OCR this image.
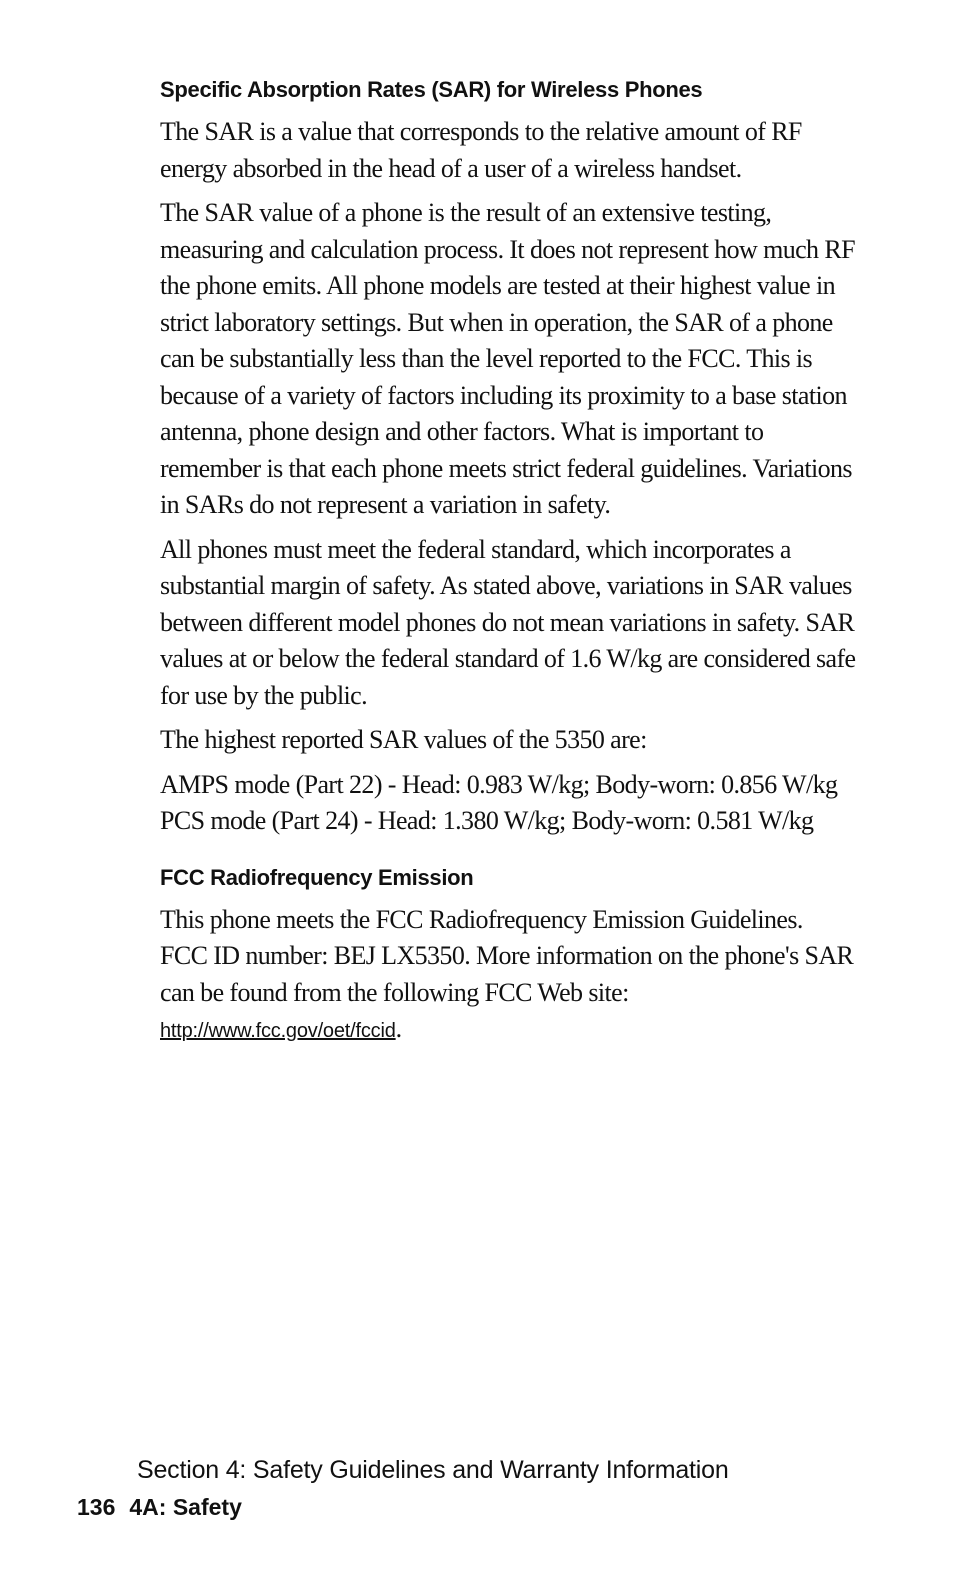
Specific Absorption Rates (SAR) for Wireless Phones

The SAR is a value that corresponds to the relative amount of RF energy absorbed in the head of a user of a wireless handset.

The SAR value of a phone is the result of an extensive testing, measuring and calculation process. It does not represent how much RF the phone emits. All phone models are tested at their highest value in strict laboratory settings. But when in operation, the SAR of a phone can be substantially less than the level reported to the FCC. This is because of a variety of factors including its proximity to a base station antenna, phone design and other factors. What is important to remember is that each phone meets strict federal guidelines. Variations in SARs do not represent a variation in safety.

All phones must meet the federal standard, which incorporates a substantial margin of safety. As stated above, variations in SAR values between different model phones do not mean variations in safety. SAR values at or below the federal standard of 1.6 W/kg are considered safe for use by the public.

The highest reported SAR values of the 5350 are:

AMPS mode (Part 22) - Head: 0.983 W/kg; Body-worn: 0.856 W/kg
PCS mode (Part 24) - Head: 1.380 W/kg; Body-worn: 0.581 W/kg
FCC Radiofrequency Emission
This phone meets the FCC Radiofrequency Emission Guidelines.
FCC ID number: BEJ LX5350. More information on the phone's SAR can be found from the following FCC Web site: http://www.fcc.gov/oet/fccid.
Section 4: Safety Guidelines and Warranty Information
136 4A: Safety
